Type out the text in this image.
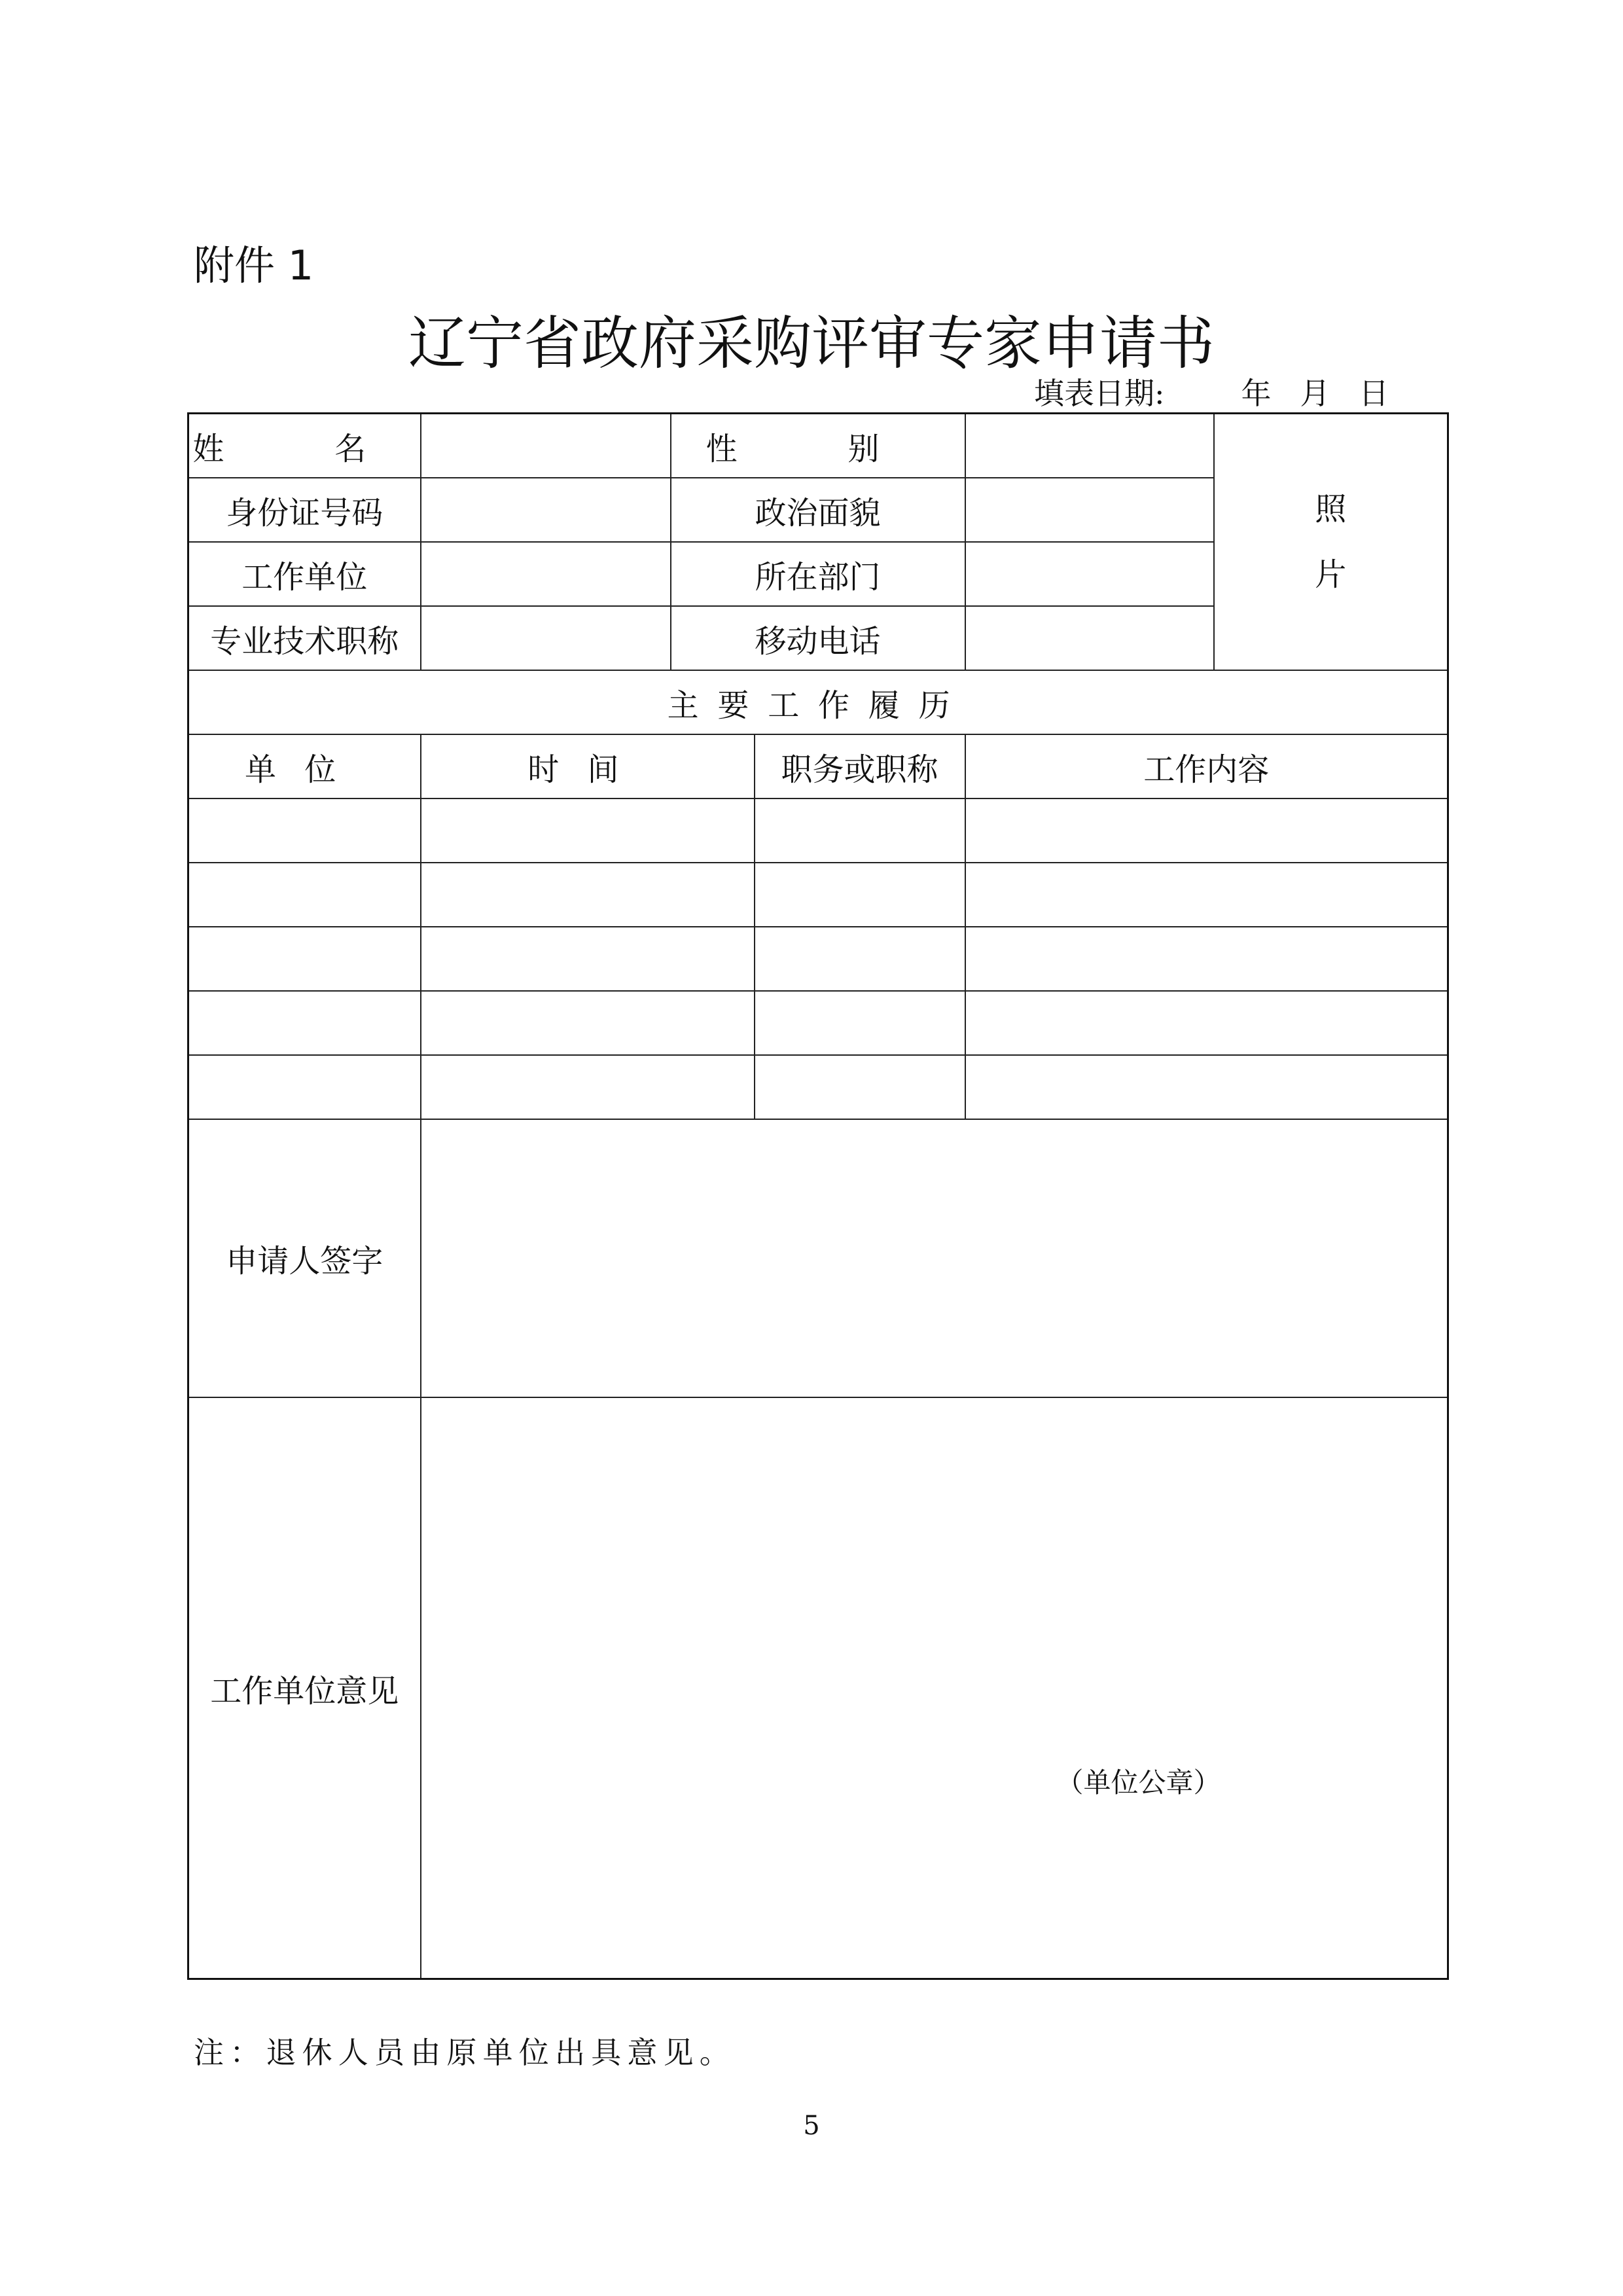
附件 1
辽宁省政府采购评审专家申请书
填表日期:        年   月   日
姓 名		性 别			照
片

身份证号码		政治面貌			
工作单位		所在部门			
专业技术职称		移动电话			
主要工作履历					
单位	时间		职务或职称	工作内容	

申请人签字					
工作单位意见	（单位公章）				
注：退休人员由原单位出具意见。
5
